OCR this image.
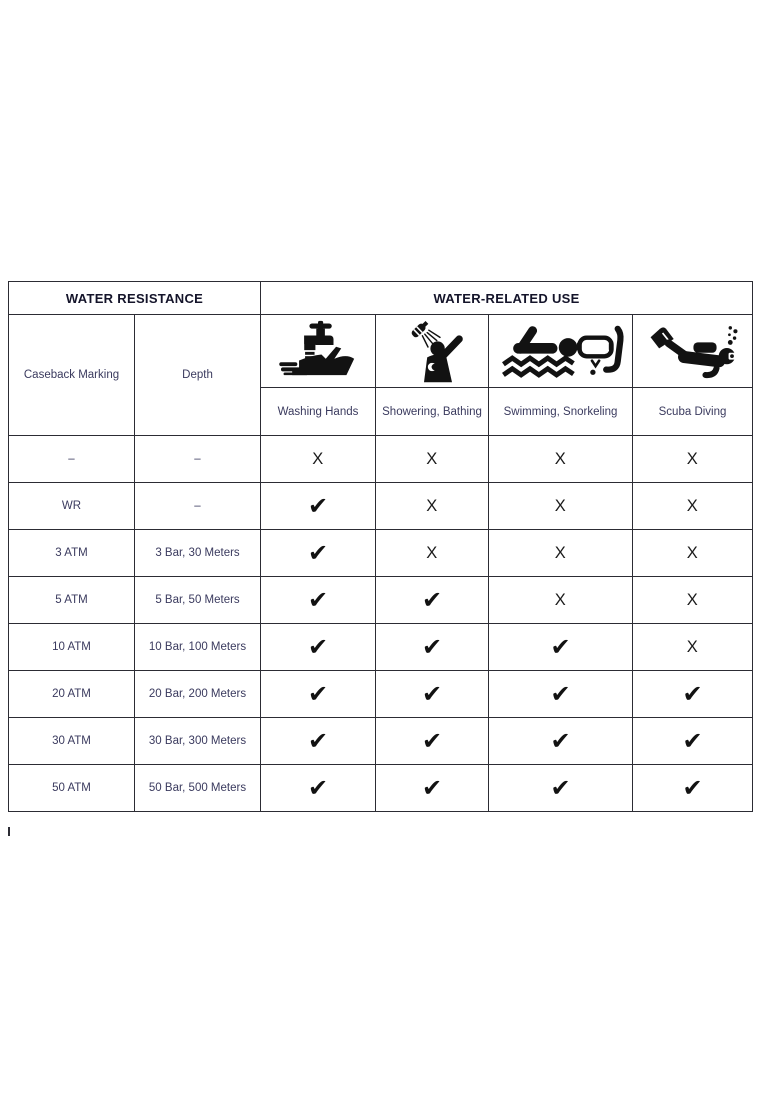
WATER RESISTANCE		WATER-RELATED USE			
Caseback Marking	Depth	

		Washing Hands	Showering, Bathing	Swimming, Snorkeling	Scuba Diving
–	–	X	X	X	X
WR	–	✔	X	X	X
3 ATM	3 Bar, 30 Meters	✔	X	X	X
5 ATM	5 Bar, 50 Meters	✔	✔	X	X
10 ATM	10 Bar, 100 Meters	✔	✔	✔	X
20 ATM	20 Bar, 200 Meters	✔	✔	✔	✔
30 ATM	30 Bar, 300 Meters	✔	✔	✔	✔
50 ATM	50 Bar, 500 Meters	✔	✔	✔	✔
